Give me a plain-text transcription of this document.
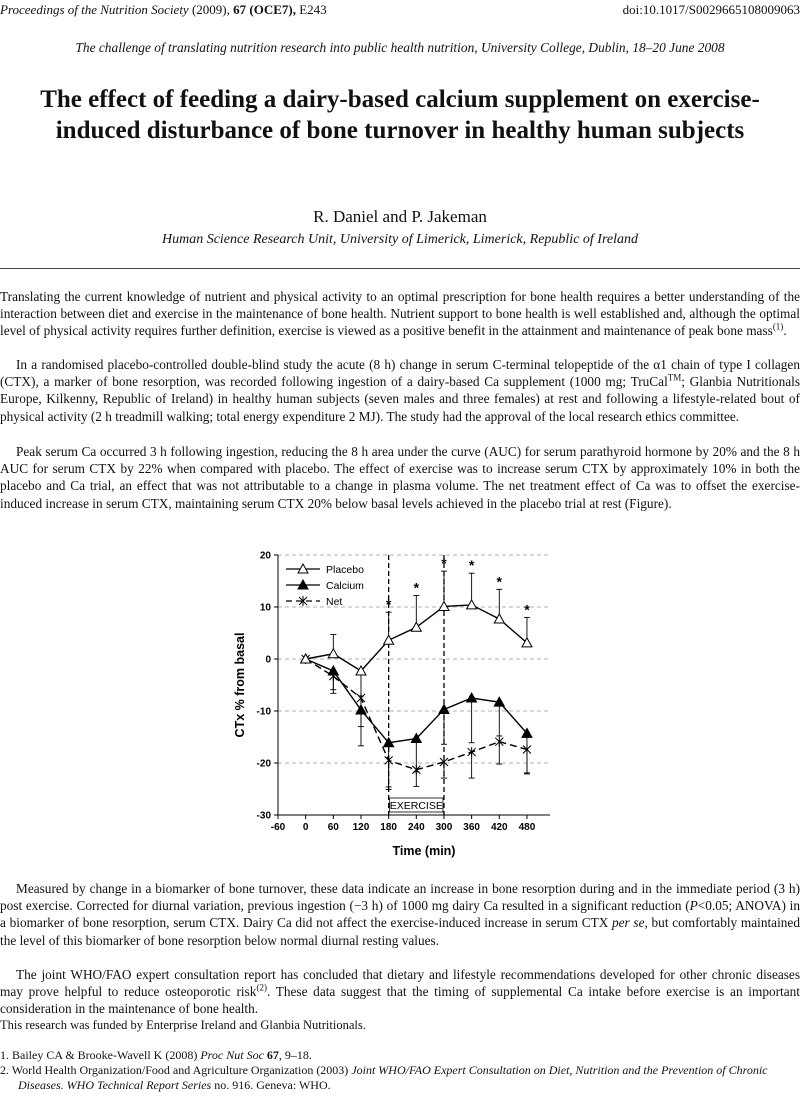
Proceedings of the Nutrition Society (2009), 67 (OCE7), E243	doi:10.1017/S0029665108009063
The challenge of translating nutrition research into public health nutrition, University College, Dublin, 18–20 June 2008
The effect of feeding a dairy-based calcium supplement on exercise-induced disturbance of bone turnover in healthy human subjects
R. Daniel and P. Jakeman
Human Science Research Unit, University of Limerick, Limerick, Republic of Ireland

Translating the current knowledge of nutrient and physical activity to an optimal prescription for bone health requires a better understanding of the interaction between diet and exercise in the maintenance of bone health. Nutrient support to bone health is well established and, although the optimal level of physical activity requires further definition, exercise is viewed as a positive benefit in the attainment and maintenance of peak bone mass$^{(1)}$.

In a randomised placebo-controlled double-blind study the acute (8 h) change in serum C-terminal telopeptide of the α1 chain of type I collagen (CTX), a marker of bone resorption, was recorded following ingestion of a dairy-based Ca supplement (1000 mg; TruCal™; Glanbia Nutritionals Europe, Kilkenny, Republic of Ireland) in healthy human subjects (seven males and three females) at rest and following a lifestyle-related bout of physical activity (2 h treadmill walking; total energy expenditure 2 MJ). The study had the approval of the local research ethics committee.

Peak serum Ca occurred 3 h following ingestion, reducing the 8 h area under the curve (AUC) for serum parathyroid hormone by 20% and the 8 h AUC for serum CTX by 22% when compared with placebo. The effect of exercise was to increase serum CTX by approximately 10% in both the placebo and Ca trial, an effect that was not attributable to a change in plasma volume. The net treatment effect of Ca was to offset the exercise-induced increase in serum CTX, maintaining serum CTX 20% below basal levels achieved in the placebo trial at rest (Figure).

EXERCISE
20
10
0
-10
-20
-30
-60 0 60 120 180 240 300 360 420 480
Time (min)
CTx % from basal
*
*
* *
*
*
Placebo
Calcium
Net

Measured by change in a biomarker of bone turnover, these data indicate an increase in bone resorption during and in the immediate period (3 h) post exercise. Corrected for diurnal variation, previous ingestion (−3 h) of 1000 mg dairy Ca resulted in a significant reduction (P<0.05; ANOVA) in a biomarker of bone resorption, serum CTX. Dairy Ca did not affect the exercise-induced increase in serum CTX per se, but comfortably maintained the level of this biomarker of bone resorption below normal diurnal resting values.

The joint WHO/FAO expert consultation report has concluded that dietary and lifestyle recommendations developed for other chronic diseases may prove helpful to reduce osteoporotic risk$^{(2)}$. These data suggest that the timing of supplemental Ca intake before exercise is an important consideration in the maintenance of bone health.

This research was funded by Enterprise Ireland and Glanbia Nutritionals.

1. Bailey CA & Brooke-Wavell K (2008) Proc Nut Soc 67, 9–18.
2. World Health Organization/Food and Agriculture Organization (2003) Joint WHO/FAO Expert Consultation on Diet, Nutrition and the Prevention of Chronic Diseases. WHO Technical Report Series no. 916. Geneva: WHO.
